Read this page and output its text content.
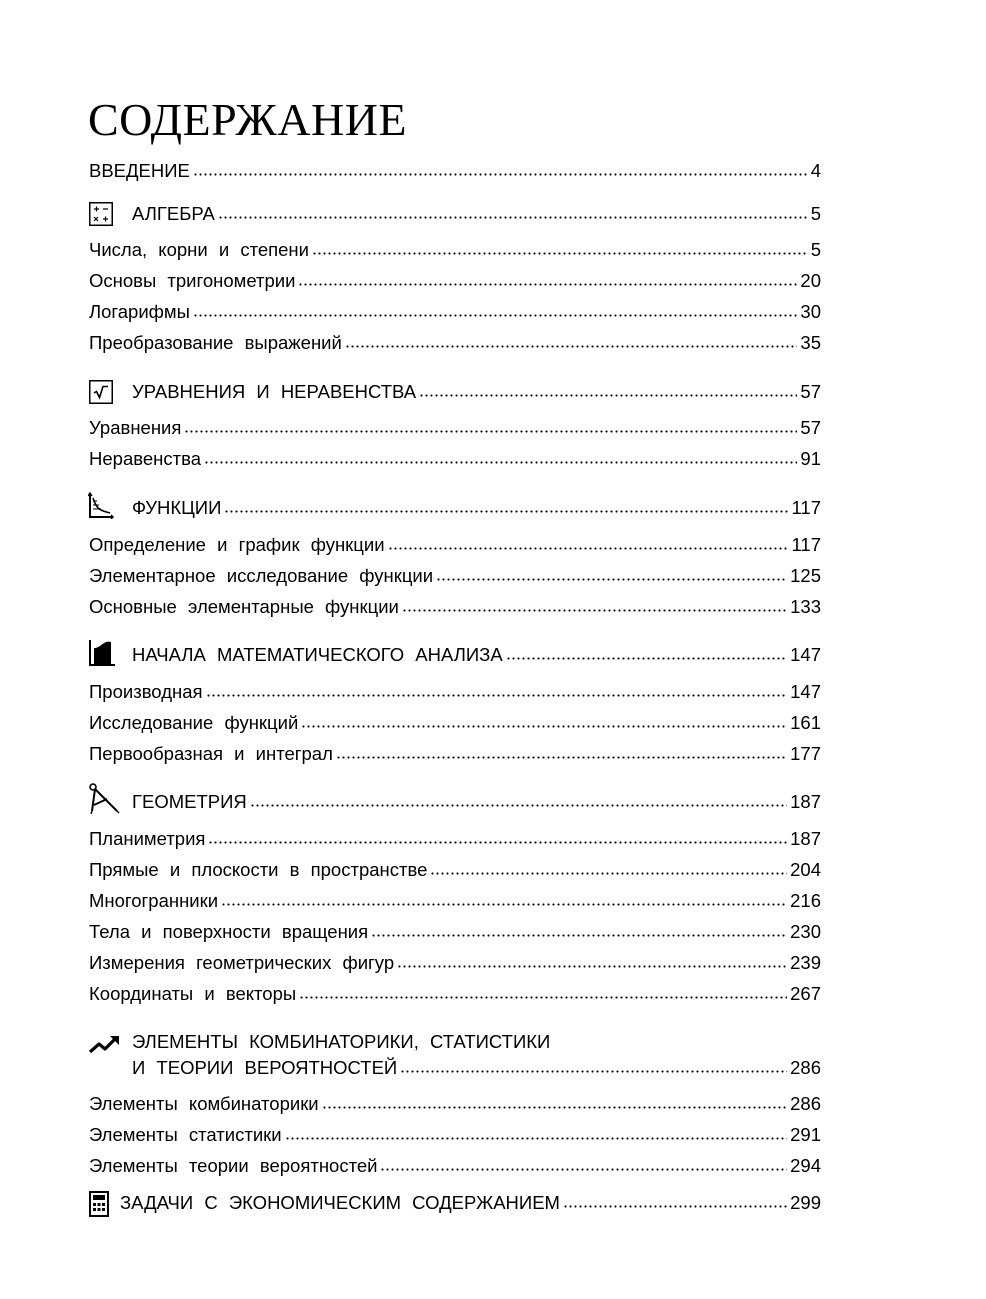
СОДЕРЖАНИЕ
ВВЕДЕНИЕ	4
АЛГЕБРА	5
Числа, корни и степени	5
Основы тригонометрии	20
Логарифмы	30
Преобразование выражений	35
УРАВНЕНИЯ И НЕРАВЕНСТВА	57
Уравнения	57
Неравенства	91
ФУНКЦИИ	117
Определение и график функции	117
Элементарное исследование функции	125
Основные элементарные функции	133
НАЧАЛА МАТЕМАТИЧЕСКОГО АНАЛИЗА	147
Производная	147
Исследование функций	161
Первообразная и интеграл	177
ГЕОМЕТРИЯ	187
Планиметрия	187
Прямые и плоскости в пространстве	204
Многогранники	216
Тела и поверхности вращения	230
Измерения геометрических фигур	239
Координаты и векторы	267
ЭЛЕМЕНТЫ КОМБИНАТОРИКИ, СТАТИСТИКИ
И ТЕОРИИ ВЕРОЯТНОСТЕЙ	286
Элементы комбинаторики	286
Элементы статистики	291
Элементы теории вероятностей	294
ЗАДАЧИ С ЭКОНОМИЧЕСКИМ СОДЕРЖАНИЕМ	299
